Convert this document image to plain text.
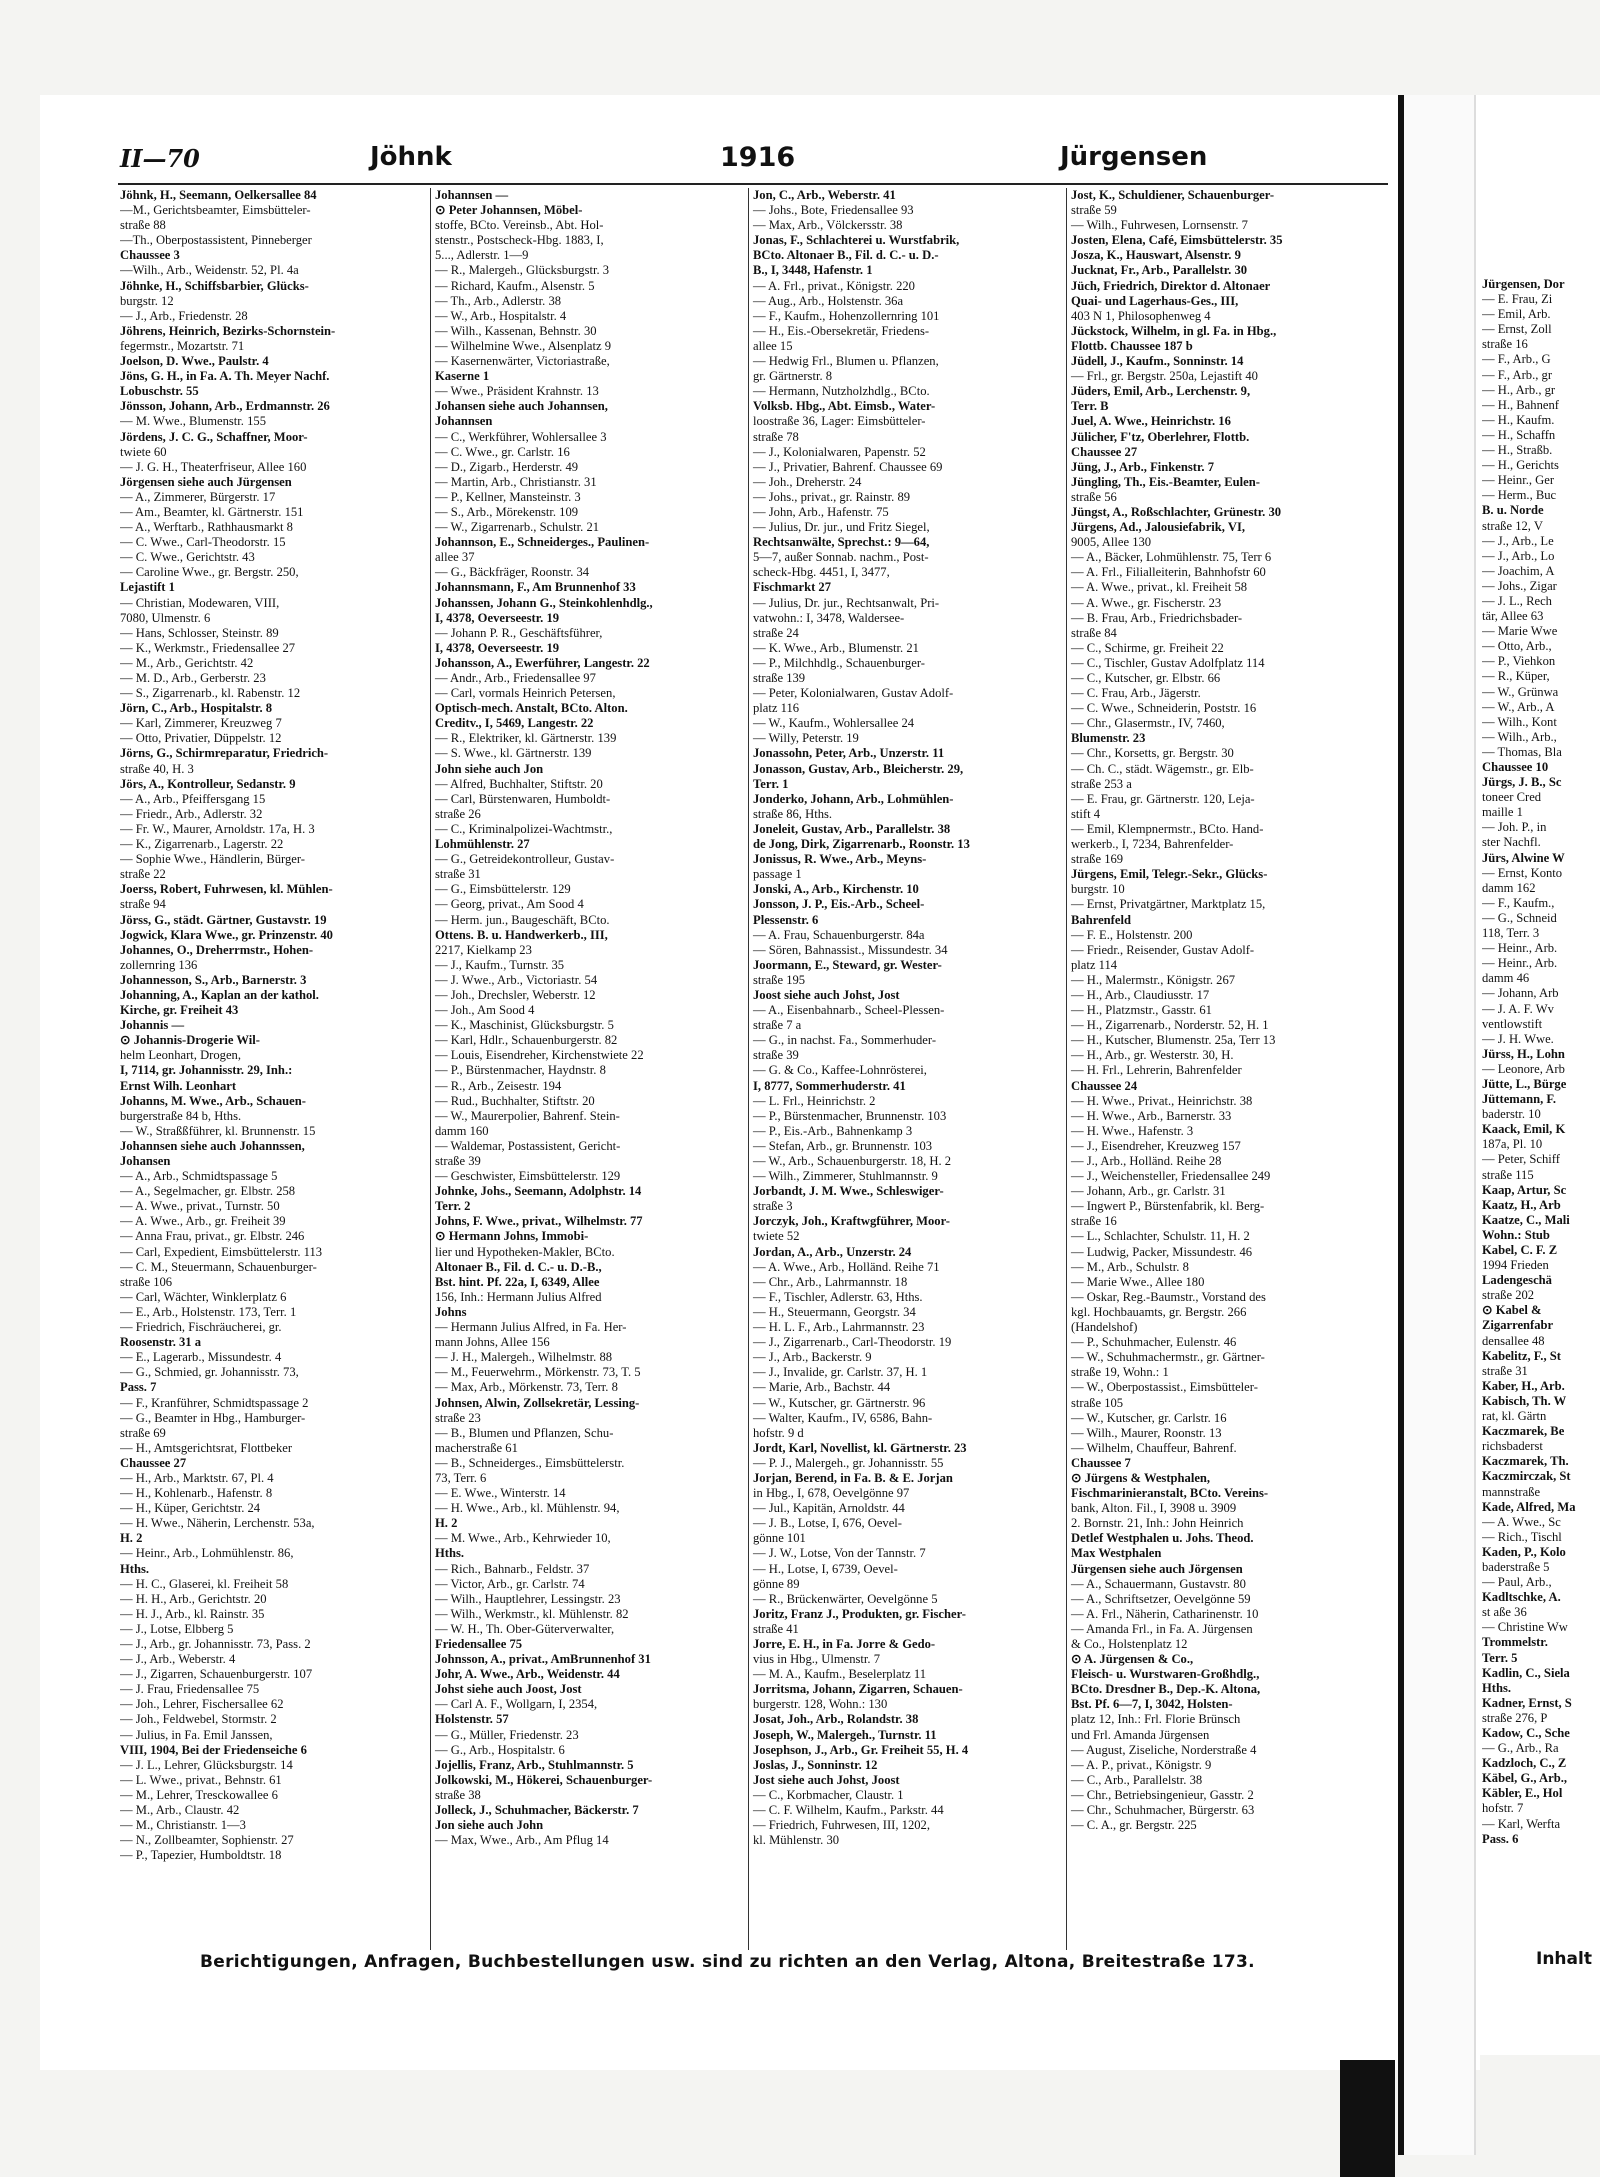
II—70	Jöhnk	1916	Jürgensen

Jöhnk, H., Seemann, Oelkersallee 84

—M., Gerichtsbeamter, Eimsbütteler-

straße 88

—Th., Oberpostassistent, Pinneberger

Chaussee 3

—Wilh., Arb., Weidenstr. 52, Pl. 4a

Jöhnke, H., Schiffsbarbier, Glücks-

burgstr. 12

— J., Arb., Friedenstr. 28

Jöhrens, Heinrich, Bezirks-Schornstein-

fegermstr., Mozartstr. 71

Joelson, D. Wwe., Paulstr. 4

Jöns, G. H., in Fa. A. Th. Meyer Nachf.

Lobuschstr. 55

Jönsson, Johann, Arb., Erdmannstr. 26

— M. Wwe., Blumenstr. 155

Jördens, J. C. G., Schaffner, Moor-

twiete 60

— J. G. H., Theaterfriseur, Allee 160

Jörgensen siehe auch Jürgensen

— A., Zimmerer, Bürgerstr. 17

— Am., Beamter, kl. Gärtnerstr. 151

— A., Werftarb., Rathhausmarkt 8

— C. Wwe., Carl-Theodorstr. 15

— C. Wwe., Gerichtstr. 43

— Caroline Wwe., gr. Bergstr. 250,

Lejastift 1

— Christian, Modewaren, VIII,

7080, Ulmenstr. 6

— Hans, Schlosser, Steinstr. 89

— K., Werkmstr., Friedensallee 27

— M., Arb., Gerichtstr. 42

— M. D., Arb., Gerberstr. 23

— S., Zigarrenarb., kl. Rabenstr. 12

Jörn, C., Arb., Hospitalstr. 8

— Karl, Zimmerer, Kreuzweg 7

— Otto, Privatier, Düppelstr. 12

Jörns, G., Schirmreparatur, Friedrich-

straße 40, H. 3

Jörs, A., Kontrolleur, Sedanstr. 9

— A., Arb., Pfeiffersgang 15

— Friedr., Arb., Adlerstr. 32

— Fr. W., Maurer, Arnoldstr. 17a, H. 3

— K., Zigarrenarb., Lagerstr. 22

— Sophie Wwe., Händlerin, Bürger-

straße 22

Joerss, Robert, Fuhrwesen, kl. Mühlen-

straße 94

Jörss, G., städt. Gärtner, Gustavstr. 19

Jogwick, Klara Wwe., gr. Prinzenstr. 40

Johannes, O., Dreherrmstr., Hohen-

zollernring 136

Johannesson, S., Arb., Barnerstr. 3

Johanning, A., Kaplan an der kathol.

Kirche, gr. Freiheit 43

Johannis —

⊙ Johannis-Drogerie Wil-

helm Leonhart, Drogen,

I, 7114, gr. Johannisstr. 29, Inh.:

Ernst Wilh. Leonhart

Johanns, M. Wwe., Arb., Schauen-

burgerstraße 84 b, Hths.

— W., Straßßführer, kl. Brunnenstr. 15

Johannsen siehe auch Johannssen,

Johansen

— A., Arb., Schmidtspassage 5

— A., Segelmacher, gr. Elbstr. 258

— A. Wwe., privat., Turnstr. 50

— A. Wwe., Arb., gr. Freiheit 39

— Anna Frau, privat., gr. Elbstr. 246

— Carl, Expedient, Eimsbüttelerstr. 113

— C. M., Steuermann, Schauenburger-

straße 106

— Carl, Wächter, Winklerplatz 6

— E., Arb., Holstenstr. 173, Terr. 1

— Friedrich, Fischräucherei, gr.

Roosenstr. 31 a

— E., Lagerarb., Missundestr. 4

— G., Schmied, gr. Johannisstr. 73,

Pass. 7

— F., Kranführer, Schmidtspassage 2

— G., Beamter in Hbg., Hamburger-

straße 69

— H., Amtsgerichtsrat, Flottbeker

Chaussee 27

— H., Arb., Marktstr. 67, Pl. 4

— H., Kohlenarb., Hafenstr. 8

— H., Küper, Gerichtstr. 24

— H. Wwe., Näherin, Lerchenstr. 53a,

H. 2

— Heinr., Arb., Lohmühlenstr. 86,

Hths.

— H. C., Glaserei, kl. Freiheit 58

— H. H., Arb., Gerichtstr. 20

— H. J., Arb., kl. Rainstr. 35

— J., Lotse, Elbberg 5

— J., Arb., gr. Johannisstr. 73, Pass. 2

— J., Arb., Weberstr. 4

— J., Zigarren, Schauenburgerstr. 107

— J. Frau, Friedensallee 75

— Joh., Lehrer, Fischersallee 62

— Joh., Feldwebel, Stormstr. 2

— Julius, in Fa. Emil Janssen,

VIII, 1904, Bei der Friedenseiche 6

— J. L., Lehrer, Glücksburgstr. 14

— L. Wwe., privat., Behnstr. 61

— M., Lehrer, Tresckowallee 6

— M., Arb., Claustr. 42

— M., Christianstr. 1—3

— N., Zollbeamter, Sophienstr. 27

— P., Tapezier, Humboldtstr. 18

Johannsen —

⊙ Peter Johannsen, Möbel-

stoffe, BCto. Vereinsb., Abt. Hol-

stenstr., Postscheck-Hbg. 1883, I,

5..., Adlerstr. 1—9

— R., Malergeh., Glücksburgstr. 3

— Richard, Kaufm., Alsenstr. 5

— Th., Arb., Adlerstr. 38

— W., Arb., Hospitalstr. 4

— Wilh., Kassenan, Behnstr. 30

— Wilhelmine Wwe., Alsenplatz 9

— Kasernenwärter, Victoriastraße,

Kaserne 1

— Wwe., Präsident Krahnstr. 13

Johansen siehe auch Johannsen,

Johannsen

— C., Werkführer, Wohlersallee 3

— C. Wwe., gr. Carlstr. 16

— D., Zigarb., Herderstr. 49

— Martin, Arb., Christianstr. 31

— P., Kellner, Mansteinstr. 3

— S., Arb., Mörekenstr. 109

— W., Zigarrenarb., Schulstr. 21

Johannson, E., Schneiderges., Paulinen-

allee 37

— G., Bäckfräger, Roonstr. 34

Johannsmann, F., Am Brunnenhof 33

Johanssen, Johann G., Steinkohlenhdlg.,

I, 4378, Oeverseestr. 19

— Johann P. R., Geschäftsführer,

I, 4378, Oeverseestr. 19

Johansson, A., Ewerführer, Langestr. 22

— Andr., Arb., Friedensallee 97

— Carl, vormals Heinrich Petersen,

Optisch-mech. Anstalt, BCto. Alton.

Creditv., I, 5469, Langestr. 22

— R., Elektriker, kl. Gärtnerstr. 139

— S. Wwe., kl. Gärtnerstr. 139

John siehe auch Jon

— Alfred, Buchhalter, Stiftstr. 20

— Carl, Bürstenwaren, Humboldt-

straße 26

— C., Kriminalpolizei-Wachtmstr.,

Lohmühlenstr. 27

— G., Getreidekontrolleur, Gustav-

straße 31

— G., Eimsbüttelerstr. 129

— Georg, privat., Am Sood 4

— Herm. jun., Baugeschäft, BCto.

Ottens. B. u. Handwerkerb., III,

2217, Kielkamp 23

— J., Kaufm., Turnstr. 35

— J. Wwe., Arb., Victoriastr. 54

— Joh., Drechsler, Weberstr. 12

— Joh., Am Sood 4

— K., Maschinist, Glücksburgstr. 5

— Karl, Hdlr., Schauenburgerstr. 82

— Louis, Eisendreher, Kirchenstwiete 22

— P., Bürstenmacher, Haydnstr. 8

— R., Arb., Zeisestr. 194

— Rud., Buchhalter, Stiftstr. 20

— W., Maurerpolier, Bahrenf. Stein-

damm 160

— Waldemar, Postassistent, Gericht-

straße 39

— Geschwister, Eimsbüttelerstr. 129

Johnke, Johs., Seemann, Adolphstr. 14

Terr. 2

Johns, F. Wwe., privat., Wilhelmstr. 77

⊙ Hermann Johns, Immobi-

lier und Hypotheken-Makler, BCto.

Altonaer B., Fil. d. C.- u. D.-B.,

Bst. hint. Pf. 22a, I, 6349, Allee

156, Inh.: Hermann Julius Alfred

Johns

— Hermann Julius Alfred, in Fa. Her-

mann Johns, Allee 156

— J. H., Malergeh., Wilhelmstr. 88

— M., Feuerwehrm., Mörkenstr. 73, T. 5

— Max, Arb., Mörkenstr. 73, Terr. 8

Johnsen, Alwin, Zollsekretär, Lessing-

straße 23

— B., Blumen und Pflanzen, Schu-

macherstraße 61

— B., Schneiderges., Eimsbüttelerstr.

73, Terr. 6

— E. Wwe., Winterstr. 14

— H. Wwe., Arb., kl. Mühlenstr. 94,

H. 2

— M. Wwe., Arb., Kehrwieder 10,

Hths.

— Rich., Bahnarb., Feldstr. 37

— Victor, Arb., gr. Carlstr. 74

— Wilh., Hauptlehrer, Lessingstr. 23

— Wilh., Werkmstr., kl. Mühlenstr. 82

— W. H., Th. Ober-Güterverwalter,

Friedensallee 75

Johnsson, A., privat., AmBrunnenhof 31

Johr, A. Wwe., Arb., Weidenstr. 44

Johst siehe auch Joost, Jost

— Carl A. F., Wollgarn, I, 2354,

Holstenstr. 57

— G., Müller, Friedenstr. 23

— G., Arb., Hospitalstr. 6

Jojellis, Franz, Arb., Stuhlmannstr. 5

Jolkowski, M., Hökerei, Schauenburger-

straße 38

Jolleck, J., Schuhmacher, Bäckerstr. 7

Jon siehe auch John

— Max, Wwe., Arb., Am Pflug 14

Jon, C., Arb., Weberstr. 41

— Johs., Bote, Friedensallee 93

— Max, Arb., Völckersstr. 38

Jonas, F., Schlachterei u. Wurstfabrik,

BCto. Altonaer B., Fil. d. C.- u. D.-

B., I, 3448, Hafenstr. 1

— A. Frl., privat., Königstr. 220

— Aug., Arb., Holstenstr. 36a

— F., Kaufm., Hohenzollernring 101

— H., Eis.-Obersekretär, Friedens-

allee 15

— Hedwig Frl., Blumen u. Pflanzen,

gr. Gärtnerstr. 8

— Hermann, Nutzholzhdlg., BCto.

Volksb. Hbg., Abt. Eimsb., Water-

loostraße 36, Lager: Eimsbütteler-

straße 78

— J., Kolonialwaren, Papenstr. 52

— J., Privatier, Bahrenf. Chaussee 69

— Joh., Dreherstr. 24

— Johs., privat., gr. Rainstr. 89

— John, Arb., Hafenstr. 75

— Julius, Dr. jur., und Fritz Siegel,

Rechtsanwälte, Sprechst.: 9—64,

5—7, außer Sonnab. nachm., Post-

scheck-Hbg. 4451, I, 3477,

Fischmarkt 27

— Julius, Dr. jur., Rechtsanwalt, Pri-

vatwohn.: I, 3478, Waldersee-

straße 24

— K. Wwe., Arb., Blumenstr. 21

— P., Milchhdlg., Schauenburger-

straße 139

— Peter, Kolonialwaren, Gustav Adolf-

platz 116

— W., Kaufm., Wohlersallee 24

— Willy, Peterstr. 19

Jonassohn, Peter, Arb., Unzerstr. 11

Jonasson, Gustav, Arb., Bleicherstr. 29,

Terr. 1

Jonderko, Johann, Arb., Lohmühlen-

straße 86, Hths.

Joneleit, Gustav, Arb., Parallelstr. 38

de Jong, Dirk, Zigarrenarb., Roonstr. 13

Jonissus, R. Wwe., Arb., Meyns-

passage 1

Jonski, A., Arb., Kirchenstr. 10

Jonsson, J. P., Eis.-Arb., Scheel-

Plessenstr. 6

— A. Frau, Schauenburgerstr. 84a

— Sören, Bahnassist., Missundestr. 34

Joormann, E., Steward, gr. Wester-

straße 195

Joost siehe auch Johst, Jost

— A., Eisenbahnarb., Scheel-Plessen-

straße 7 a

— G., in nachst. Fa., Sommerhuder-

straße 39

— G. & Co., Kaffee-Lohnrösterei,

I, 8777, Sommerhuderstr. 41

— L. Frl., Heinrichstr. 2

— P., Bürstenmacher, Brunnenstr. 103

— P., Eis.-Arb., Bahnenkamp 3

— Stefan, Arb., gr. Brunnenstr. 103

— W., Arb., Schauenburgerstr. 18, H. 2

— Wilh., Zimmerer, Stuhlmannstr. 9

Jorbandt, J. M. Wwe., Schleswiger-

straße 3

Jorczyk, Joh., Kraftwgführer, Moor-

twiete 52

Jordan, A., Arb., Unzerstr. 24

— A. Wwe., Arb., Holländ. Reihe 71

— Chr., Arb., Lahrmannstr. 18

— F., Tischler, Adlerstr. 63, Hths.

— H., Steuermann, Georgstr. 34

— H. L. F., Arb., Lahrmannstr. 23

— J., Zigarrenarb., Carl-Theodorstr. 19

— J., Arb., Backerstr. 9

— J., Invalide, gr. Carlstr. 37, H. 1

— Marie, Arb., Bachstr. 44

— W., Kutscher, gr. Gärtnerstr. 96

— Walter, Kaufm., IV, 6586, Bahn-

hofstr. 9 d

Jordt, Karl, Novellist, kl. Gärtnerstr. 23

— P. J., Malergeh., gr. Johannisstr. 55

Jorjan, Berend, in Fa. B. & E. Jorjan

in Hbg., I, 678, Oevelgönne 97

— Jul., Kapitän, Arnoldstr. 44

— J. B., Lotse, I, 676, Oevel-

gönne 101

— J. W., Lotse, Von der Tannstr. 7

— H., Lotse, I, 6739, Oevel-

gönne 89

— R., Brückenwärter, Oevelgönne 5

Joritz, Franz J., Produkten, gr. Fischer-

straße 41

Jorre, E. H., in Fa. Jorre & Gedo-

vius in Hbg., Ulmenstr. 7

— M. A., Kaufm., Beselerplatz 11

Jorritsma, Johann, Zigarren, Schauen-

burgerstr. 128, Wohn.: 130

Josat, Joh., Arb., Rolandstr. 38

Joseph, W., Malergeh., Turnstr. 11

Josephson, J., Arb., Gr. Freiheit 55, H. 4

Joslas, J., Sonninstr. 12

Jost siehe auch Johst, Joost

— C., Korbmacher, Claustr. 1

— C. F. Wilhelm, Kaufm., Parkstr. 44

— Friedrich, Fuhrwesen, III, 1202,

kl. Mühlenstr. 30

Jost, K., Schuldiener, Schauenburger-

straße 59

— Wilh., Fuhrwesen, Lornsenstr. 7

Josten, Elena, Café, Eimsbüttelerstr. 35

Josza, K., Hauswart, Alsenstr. 9

Jucknat, Fr., Arb., Parallelstr. 30

Jüch, Friedrich, Direktor d. Altonaer

Quai- und Lagerhaus-Ges., III,

403 N 1, Philosophenweg 4

Jückstock, Wilhelm, in gl. Fa. in Hbg.,

Flottb. Chaussee 187 b

Jüdell, J., Kaufm., Sonninstr. 14

— Frl., gr. Bergstr. 250a, Lejastift 40

Jüders, Emil, Arb., Lerchenstr. 9,

Terr. B

Juel, A. Wwe., Heinrichstr. 16

Jülicher, F'tz, Oberlehrer, Flottb.

Chaussee 27

Jüng, J., Arb., Finkenstr. 7

Jüngling, Th., Eis.-Beamter, Eulen-

straße 56

Jüngst, A., Roßschlachter, Grünestr. 30

Jürgens, Ad., Jalousiefabrik, VI,

9005, Allee 130

— A., Bäcker, Lohmühlenstr. 75, Terr 6

— A. Frl., Filialleiterin, Bahnhofstr 60

— A. Wwe., privat., kl. Freiheit 58

— A. Wwe., gr. Fischerstr. 23

— B. Frau, Arb., Friedrichsbader-

straße 84

— C., Schirme, gr. Freiheit 22

— C., Tischler, Gustav Adolfplatz 114

— C., Kutscher, gr. Elbstr. 66

— C. Frau, Arb., Jägerstr.

— C. Wwe., Schneiderin, Poststr. 16

— Chr., Glasermstr., IV, 7460,

Blumenstr. 23

— Chr., Korsetts, gr. Bergstr. 30

— Ch. C., städt. Wägemstr., gr. Elb-

straße 253 a

— E. Frau, gr. Gärtnerstr. 120, Leja-

stift 4

— Emil, Klempnermstr., BCto. Hand-

werkerb., I, 7234, Bahrenfelder-

straße 169

Jürgens, Emil, Telegr.-Sekr., Glücks-

burgstr. 10

— Ernst, Privatgärtner, Marktplatz 15,

Bahrenfeld

— F. E., Holstenstr. 200

— Friedr., Reisender, Gustav Adolf-

platz 114

— H., Malermstr., Königstr. 267

— H., Arb., Claudiusstr. 17

— H., Platzmstr., Gasstr. 61

— H., Zigarrenarb., Norderstr. 52, H. 1

— H., Kutscher, Blumenstr. 25a, Terr 13

— H., Arb., gr. Westerstr. 30, H.

— H. Frl., Lehrerin, Bahrenfelder

Chaussee 24

— H. Wwe., Privat., Heinrichstr. 38

— H. Wwe., Arb., Barnerstr. 33

— H. Wwe., Hafenstr. 3

— J., Eisendreher, Kreuzweg 157

— J., Arb., Holländ. Reihe 28

— J., Weichensteller, Friedensallee 249

— Johann, Arb., gr. Carlstr. 31

— Ingwert P., Bürstenfabrik, kl. Berg-

straße 16

— L., Schlachter, Schulstr. 11, H. 2

— Ludwig, Packer, Missundestr. 46

— M., Arb., Schulstr. 8

— Marie Wwe., Allee 180

— Oskar, Reg.-Baumstr., Vorstand des

kgl. Hochbauamts, gr. Bergstr. 266

(Handelshof)

— P., Schuhmacher, Eulenstr. 46

— W., Schuhmachermstr., gr. Gärtner-

straße 19, Wohn.: 1

— W., Oberpostassist., Eimsbütteler-

straße 105

— W., Kutscher, gr. Carlstr. 16

— Wilh., Maurer, Roonstr. 13

— Wilhelm, Chauffeur, Bahrenf.

Chaussee 7

⊙ Jürgens & Westphalen,

Fischmarinieranstalt, BCto. Vereins-

bank, Alton. Fil., I, 3908 u. 3909

2. Bornstr. 21, Inh.: John Heinrich

Detlef Westphalen u. Johs. Theod.

Max Westphalen

Jürgensen siehe auch Jörgensen

— A., Schauermann, Gustavstr. 80

— A., Schriftsetzer, Oevelgönne 59

— A. Frl., Näherin, Catharinenstr. 10

— Amanda Frl., in Fa. A. Jürgensen

& Co., Holstenplatz 12

⊙ A. Jürgensen & Co.,

Fleisch- u. Wurstwaren-Großhdlg.,

BCto. Dresdner B., Dep.-K. Altona,

Bst. Pf. 6—7, I, 3042, Holsten-

platz 12, Inh.: Frl. Florie Brünsch

und Frl. Amanda Jürgensen

— August, Ziseliche, Norderstraße 4

— A. P., privat., Königstr. 9

— C., Arb., Parallelstr. 38

— Chr., Betriebsingenieur, Gasstr. 2

— Chr., Schuhmacher, Bürgerstr. 63

— C. A., gr. Bergstr. 225

Berichtigungen, Anfragen, Buchbestellungen usw. sind zu richten an den Verlag, Altona, Breitestraße 173.

Jürgensen, Dor

— E. Frau, Zi

— Emil, Arb.

— Ernst, Zoll

straße 16

— F., Arb., G

— F., Arb., gr

— H., Arb., gr

— H., Bahnenf

— H., Kaufm.

— H., Schaffn

— H., Straßb.

— H., Gerichts

— Heinr., Ger

— Herm., Buc

B. u. Norde

straße 12, V

— J., Arb., Le

— J., Arb., Lo

— Joachim, A

— Johs., Zigar

— J. L., Rech

tär, Allee 63

— Marie Wwe

— Otto, Arb.,

— P., Viehkon

— R., Küper,

— W., Grünwa

— W., Arb., A

— Wilh., Kont

— Wilh., Arb.,

— Thomas, Bla

Chaussee 10

Jürgs, J. B., Sc

toneer Cred

maille 1

— Joh. P., in

ster Nachfl.

Jürs, Alwine W

— Ernst, Konto

damm 162

— F., Kaufm.,

— G., Schneid

118, Terr. 3

— Heinr., Arb.

— Heinr., Arb.

damm 46

— Johann, Arb

— J. A. F. Wv

ventlowstift

— J. H. Wwe.

Jürss, H., Lohn

— Leonore, Arb

Jütte, L., Bürge

Jüttemann, F.

baderstr. 10

Kaack, Emil, K

187a, Pl. 10

— Peter, Schiff

straße 115

Kaap, Artur, Sc

Kaatz, H., Arb

Kaatze, C., Mali

Wohn.: Stub

Kabel, C. F. Z

1994 Frieden

Ladengeschä

straße 202

⊙ Kabel &

Zigarrenfabr

densallee 48

Kabelitz, F., St

straße 31

Kaber, H., Arb.

Kabisch, Th. W

rat, kl. Gärtn

Kaczmarek, Be

richsbaderst

Kaczmarek, Th.

Kaczmirczak, St

mannstraße

Kade, Alfred, Ma

— A. Wwe., Sc

— Rich., Tischl

Kaden, P., Kolo

baderstraße 5

— Paul, Arb.,

Kadltschke, A.

st aße 36

— Christine Ww

Trommelstr.

Terr. 5

Kadlin, C., Siela

Hths.

Kadner, Ernst, S

straße 276, P

Kadow, C., Sche

— G., Arb., Ra

Kadzloch, C., Z

Käbel, G., Arb.,

Käbler, E., Hol

hofstr. 7

— Karl, Werfta

Pass. 6

Inhalt
